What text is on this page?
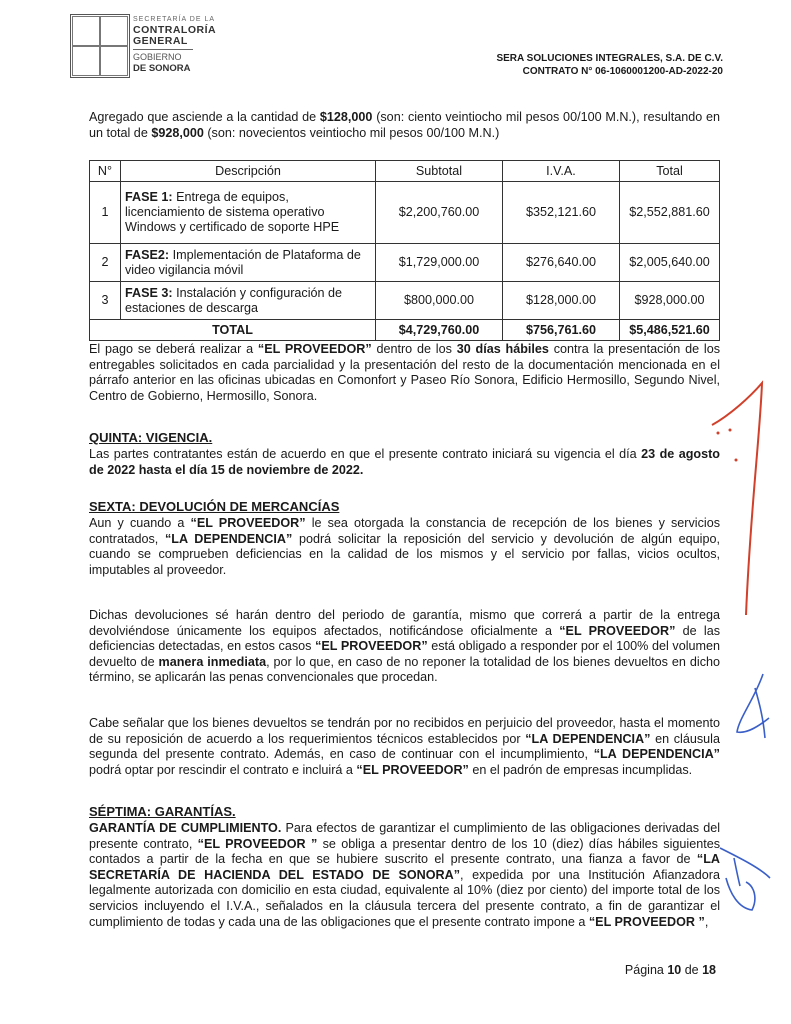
SECRETARÍA DE LA
CONTRALORÍA
GENERAL
GOBIERNO
DE SONORA
SERA SOLUCIONES INTEGRALES, S.A. DE C.V.
CONTRATO N° 06-1060001200-AD-2022-20
Agregado que asciende a la cantidad de $128,000 (son: ciento veintiocho mil pesos 00/100 M.N.), resultando en un total de $928,000 (son: novecientos veintiocho mil pesos 00/100 M.N.)
N°	Descripción	Subtotal	I.V.A.	Total
1	FASE 1: Entrega de equipos, licenciamiento de sistema operativo Windows y certificado de soporte HPE	$2,200,760.00	$352,121.60	$2,552,881.60
2	FASE2: Implementación de Plataforma de video vigilancia móvil	$1,729,000.00	$276,640.00	$2,005,640.00
3	FASE 3: Instalación y configuración de estaciones de descarga	$800,000.00	$128,000.00	$928,000.00
TOTAL		$4,729,760.00	$756,761.60	$5,486,521.60
El pago se deberá realizar a “EL PROVEEDOR” dentro de los 30 días hábiles contra la presentación de los entregables solicitados en cada parcialidad y la presentación del resto de la documentación mencionada en el párrafo anterior en las oficinas ubicadas en Comonfort y Paseo Río Sonora, Edificio Hermosillo, Segundo Nivel, Centro de Gobierno, Hermosillo, Sonora.
QUINTA: VIGENCIA.
Las partes contratantes están de acuerdo en que el presente contrato iniciará su vigencia el día 23 de agosto de 2022 hasta el día 15 de noviembre de 2022.
SEXTA: DEVOLUCIÓN DE MERCANCÍAS
Aun y cuando a “EL PROVEEDOR” le sea otorgada la constancia de recepción de los bienes y servicios contratados, “LA DEPENDENCIA” podrá solicitar la reposición del servicio y devolución de algún equipo, cuando se comprueben deficiencias en la calidad de los mismos y el servicio por fallas, vicios ocultos, imputables al proveedor.
Dichas devoluciones sé harán dentro del periodo de garantía, mismo que correrá a partir de la entrega devolviéndose únicamente los equipos afectados, notificándose oficialmente a “EL PROVEEDOR” de las deficiencias detectadas, en estos casos “EL PROVEEDOR” está obligado a responder por el 100% del volumen devuelto de manera inmediata, por lo que, en caso de no reponer la totalidad de los bienes devueltos en dicho término, se aplicarán las penas convencionales que procedan.
Cabe señalar que los bienes devueltos se tendrán por no recibidos en perjuicio del proveedor, hasta el momento de su reposición de acuerdo a los requerimientos técnicos establecidos por “LA DEPENDENCIA” en cláusula segunda del presente contrato. Además, en caso de continuar con el incumplimiento, “LA DEPENDENCIA” podrá optar por rescindir el contrato e incluirá a “EL PROVEEDOR” en el padrón de empresas incumplidas.
SÉPTIMA: GARANTÍAS.
GARANTÍA DE CUMPLIMIENTO. Para efectos de garantizar el cumplimiento de las obligaciones derivadas del presente contrato, “EL PROVEEDOR ” se obliga a presentar dentro de los 10 (diez) días hábiles siguientes contados a partir de la fecha en que se hubiere suscrito el presente contrato, una fianza a favor de “LA SECRETARÍA DE HACIENDA DEL ESTADO DE SONORA”, expedida por una Institución Afianzadora legalmente autorizada con domicilio en esta ciudad, equivalente al 10% (diez por ciento) del importe total de los servicios incluyendo el I.V.A., señalados en la cláusula tercera del presente contrato, a fin de garantizar el cumplimiento de todas y cada una de las obligaciones que el presente contrato impone a “EL PROVEEDOR ”,
Página 10 de 18
